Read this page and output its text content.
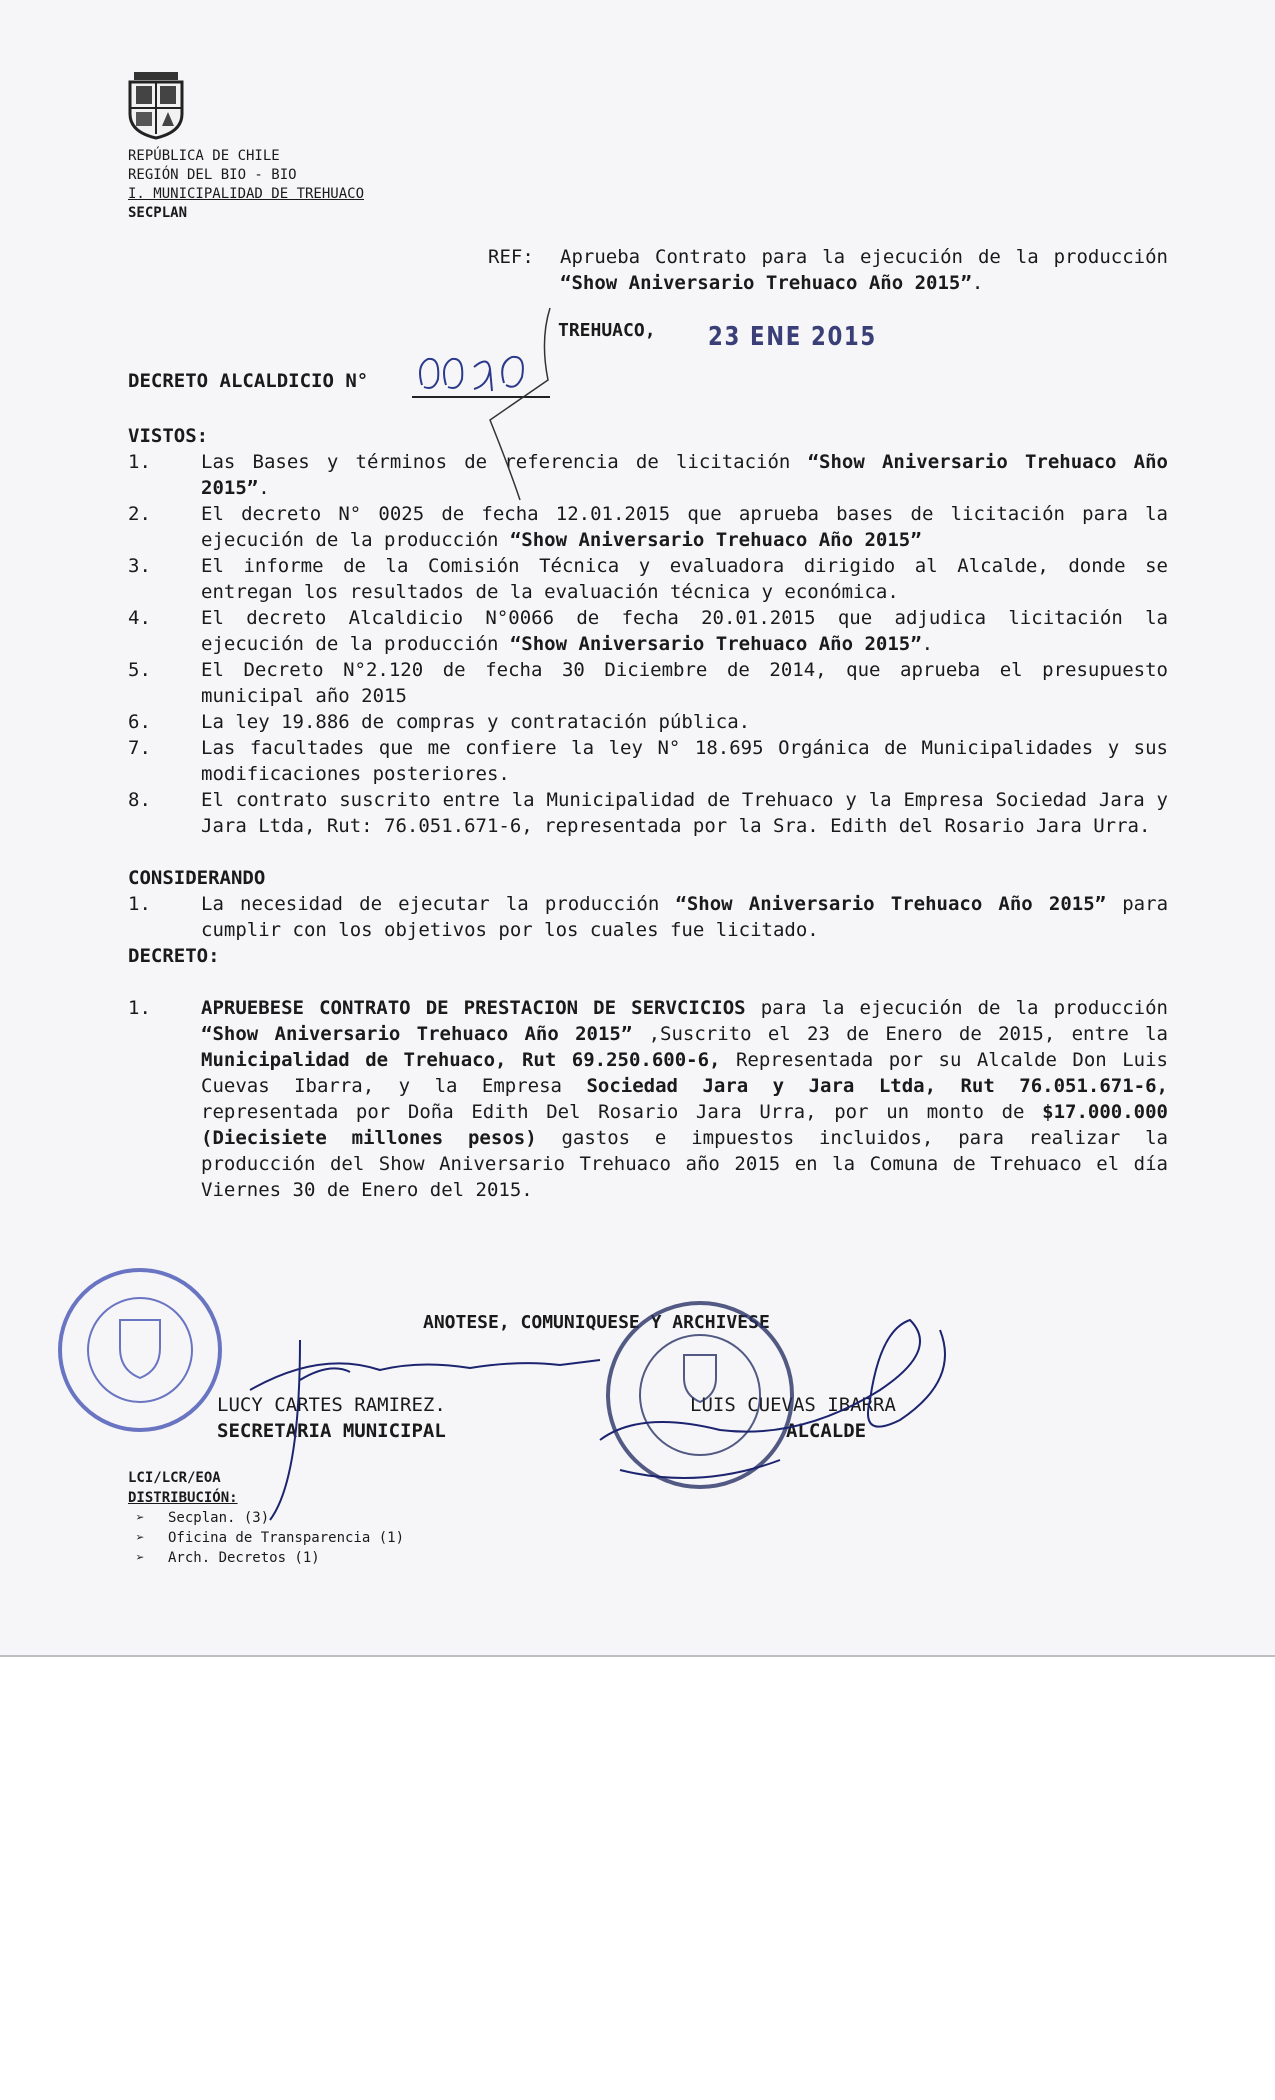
REPÚBLICA DE CHILE
REGIÓN DEL BIO - BIO
I. MUNICIPALIDAD DE TREHUACO
SECPLAN
REF: Aprueba Contrato para la ejecución de la producción “Show Aniversario Trehuaco Año 2015”.
TREHUACO, 23 ENE 2015
DECRETO ALCALDICIO N°
VISTOS:
1.	Las Bases y términos de referencia de licitación “Show Aniversario Trehuaco Año 2015”.
2.	El decreto N° 0025 de fecha 12.01.2015 que aprueba bases de licitación para la ejecución de la producción “Show Aniversario Trehuaco Año 2015”
3.	El informe de la Comisión Técnica y evaluadora dirigido al Alcalde, donde se entregan los resultados de la evaluación técnica y económica.
4.	El decreto Alcaldicio N°0066 de fecha 20.01.2015 que adjudica licitación la ejecución de la producción “Show Aniversario Trehuaco Año 2015”.
5.	El Decreto N°2.120 de fecha 30 Diciembre de 2014, que aprueba el presupuesto municipal año 2015
6.	La ley 19.886 de compras y contratación pública.
7.	Las facultades que me confiere la ley N° 18.695 Orgánica de Municipalidades y sus modificaciones posteriores.
8.	El contrato suscrito entre la Municipalidad de Trehuaco y la Empresa Sociedad Jara y Jara Ltda, Rut: 76.051.671-6, representada por la Sra. Edith del Rosario Jara Urra.
CONSIDERANDO
1.	La necesidad de ejecutar la producción “Show Aniversario Trehuaco Año 2015” para cumplir con los objetivos por los cuales fue licitado.
DECRETO:
1.	APRUEBESE CONTRATO DE PRESTACION DE SERVCICIOS para la ejecución de la producción “Show Aniversario Trehuaco Año 2015” ,Suscrito el 23 de Enero de 2015, entre la Municipalidad de Trehuaco, Rut 69.250.600-6, Representada por su Alcalde Don Luis Cuevas Ibarra, y la Empresa Sociedad Jara y Jara Ltda, Rut 76.051.671-6, representada por Doña Edith Del Rosario Jara Urra, por un monto de $17.000.000 (Diecisiete millones pesos) gastos e impuestos incluidos, para realizar la producción del Show Aniversario Trehuaco año 2015 en la Comuna de Trehuaco el día Viernes 30 de Enero del 2015.
ANOTESE, COMUNIQUESE Y ARCHIVESE
LUCY CARTES RAMIREZ.
SECRETARIA MUNICIPAL
LUIS CUEVAS IBARRA
ALCALDE
LCI/LCR/EOA
DISTRIBUCIÓN:
➢	Secplan. (3)
➢	Oficina de Transparencia (1)
➢	Arch. Decretos (1)
